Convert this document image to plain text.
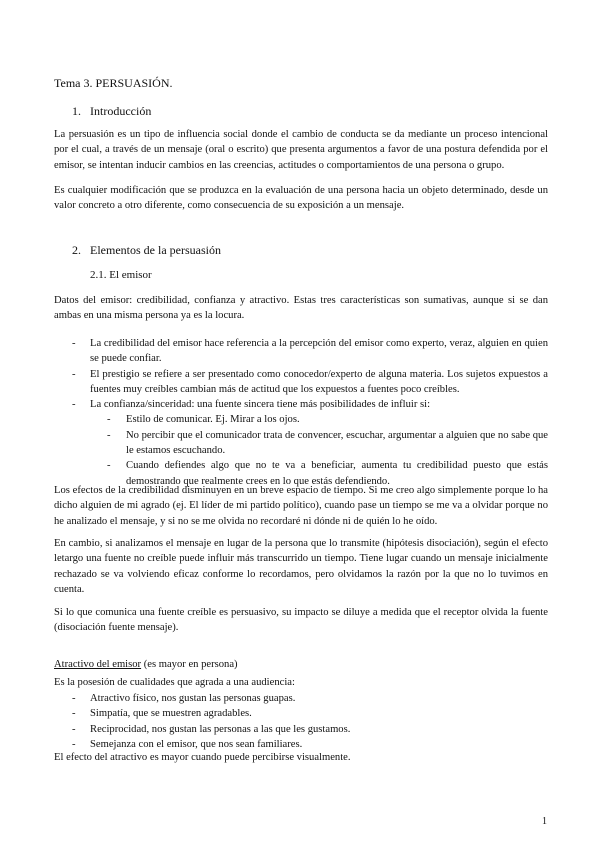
Tema 3. PERSUASIÓN.
1. Introducción
La persuasión es un tipo de influencia social donde el cambio de conducta se da mediante un proceso intencional por el cual, a través de un mensaje (oral o escrito) que presenta argumentos a favor de una postura defendida por el emisor, se intentan inducir cambios en las creencias, actitudes o comportamientos de una persona o grupo.
Es cualquier modificación que se produzca en la evaluación de una persona hacia un objeto determinado, desde un valor concreto a otro diferente, como consecuencia de su exposición a un mensaje.
2. Elementos de la persuasión
2.1. El emisor
Datos del emisor: credibilidad, confianza y atractivo. Estas tres características son sumativas, aunque si se dan ambas en una misma persona ya es la locura.
- La credibilidad del emisor hace referencia a la percepción del emisor como experto, veraz, alguien en quien se puede confiar.
- El prestigio se refiere a ser presentado como conocedor/experto de alguna materia. Los sujetos expuestos a fuentes muy creíbles cambian más de actitud que los expuestos a fuentes poco creíbles.
- La confianza/sinceridad: una fuente sincera tiene más posibilidades de influir si:
- Estilo de comunicar. Ej. Mirar a los ojos.
- No percibir que el comunicador trata de convencer, escuchar, argumentar a alguien que no sabe que le estamos escuchando.
- Cuando defiendes algo que no te va a beneficiar, aumenta tu credibilidad puesto que estás demostrando que realmente crees en lo que estás defendiendo.
Los efectos de la credibilidad disminuyen en un breve espacio de tiempo. Si me creo algo simplemente porque lo ha dicho alguien de mi agrado (ej. El líder de mi partido político), cuando pase un tiempo se me va a olvidar porque no he analizado el mensaje, y si no se me olvida no recordaré ni dónde ni de quién lo he oído.
En cambio, si analizamos el mensaje en lugar de la persona que lo transmite (hipótesis disociación), según el efecto letargo una fuente no creíble puede influir más transcurrido un tiempo. Tiene lugar cuando un mensaje inicialmente rechazado se va volviendo eficaz conforme lo recordamos, pero olvidamos la razón por la que no lo tuvimos en cuenta.
Si lo que comunica una fuente creíble es persuasivo, su impacto se diluye a medida que el receptor olvida la fuente (disociación fuente mensaje).
Atractivo del emisor (es mayor en persona)
Es la posesión de cualidades que agrada a una audiencia:
- Atractivo físico, nos gustan las personas guapas.
- Simpatía, que se muestren agradables.
- Reciprocidad, nos gustan las personas a las que les gustamos.
- Semejanza con el emisor, que nos sean familiares.
El efecto del atractivo es mayor cuando puede percibirse visualmente.
1
